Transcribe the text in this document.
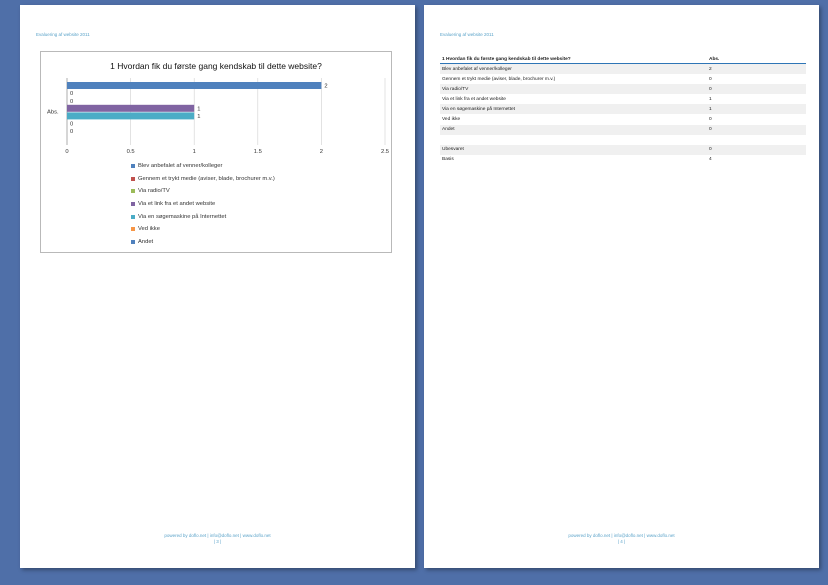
Evaluering af website 2011
1 Hvordan fik du første gang kendskab til dette website?
0	0.5	1	1.5	2	2.5
Abs.
2
0
0
1
1
0
0
Blev anbefalet af venner/kolleger
Gennem et trykt medie (aviser, blade, brochurer m.v.)
Via radio/TV
Via et link fra et andet website
Via en søgemaskine på Internettet
Ved ikke
Andet
powered by doflo.net | info@doflo.net | www.doflo.net
| 3 |
Evaluering af website 2011
1 Hvordan fik du første gang kendskab til dette website?	Abs.
Blev anbefalet af venner/kolleger	2
Gennem et trykt medie (aviser, blade, brochurer m.v.)	0
Via radio/TV	0
Via et link fra et andet website	1
Via en søgemaskine på Internettet	1
Ved ikke	0
Andet	0
Ubesvaret	0
Basis	4
powered by doflo.net | info@doflo.net | www.doflo.net
| 4 |
